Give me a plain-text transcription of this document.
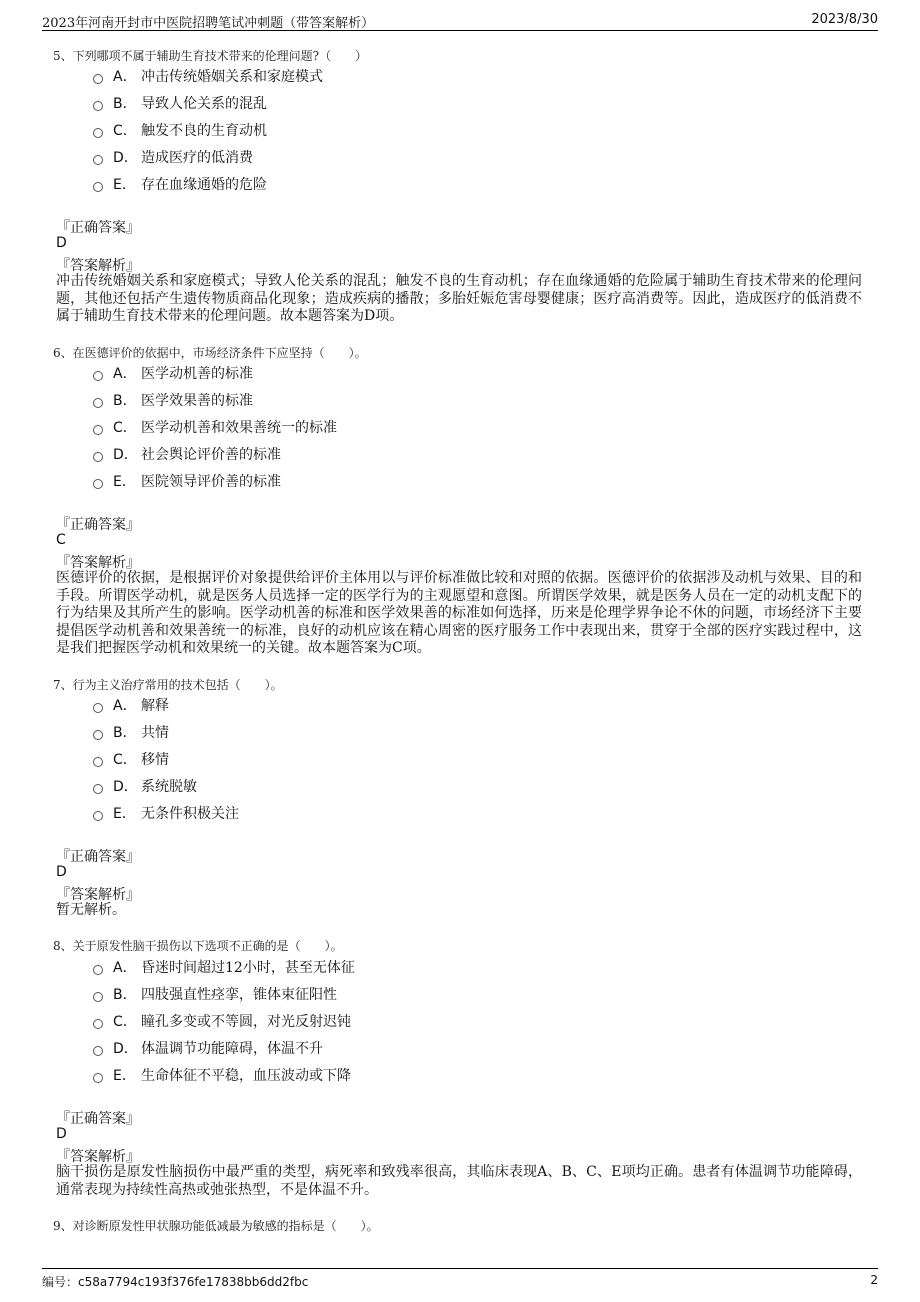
2023年河南开封市中医院招聘笔试冲刺题（带答案解析）	2023/8/30
5、下列哪项不属于辅助生育技术带来的伦理问题?（　　）
A． 冲击传统婚姻关系和家庭模式
B． 导致人伦关系的混乱
C． 触发不良的生育动机
D． 造成医疗的低消费
E． 存在血缘通婚的危险
『正确答案』
D
『答案解析』
冲击传统婚姻关系和家庭模式；导致人伦关系的混乱；触发不良的生育动机；存在血缘通婚的危险属于辅助生育技术带来的伦理问题，其他还包括产生遗传物质商品化现象；造成疾病的播散；多胎妊娠危害母婴健康；医疗高消费等。因此，造成医疗的低消费不属于辅助生育技术带来的伦理问题。故本题答案为D项。
6、在医德评价的依据中，市场经济条件下应坚持（　　）。
A． 医学动机善的标准
B． 医学效果善的标准
C． 医学动机善和效果善统一的标准
D． 社会舆论评价善的标准
E． 医院领导评价善的标准
『正确答案』
C
『答案解析』
医德评价的依据，是根据评价对象提供给评价主体用以与评价标准做比较和对照的依据。医德评价的依据涉及动机与效果、目的和手段。所谓医学动机，就是医务人员选择一定的医学行为的主观愿望和意图。所谓医学效果，就是医务人员在一定的动机支配下的行为结果及其所产生的影响。医学动机善的标准和医学效果善的标准如何选择，历来是伦理学界争论不休的问题，市场经济下主要提倡医学动机善和效果善统一的标准，良好的动机应该在精心周密的医疗服务工作中表现出来，贯穿于全部的医疗实践过程中，这是我们把握医学动机和效果统一的关键。故本题答案为C项。
7、行为主义治疗常用的技术包括（　　）。
A． 解释
B． 共情
C． 移情
D． 系统脱敏
E． 无条件积极关注
『正确答案』
D
『答案解析』
暂无解析。
8、关于原发性脑干损伤以下选项不正确的是（　　）。
A． 昏迷时间超过12小时，甚至无体征
B． 四肢强直性痉挛，锥体束征阳性
C． 瞳孔多变或不等圆，对光反射迟钝
D． 体温调节功能障碍，体温不升
E． 生命体征不平稳，血压波动或下降
『正确答案』
D
『答案解析』
脑干损伤是原发性脑损伤中最严重的类型，病死率和致残率很高，其临床表现A、B、C、E项均正确。患者有体温调节功能障碍，通常表现为持续性高热或弛张热型，不是体温不升。
9、对诊断原发性甲状腺功能低减最为敏感的指标是（　　）。
编号：c58a7794c193f376fe17838bb6dd2fbc	2
